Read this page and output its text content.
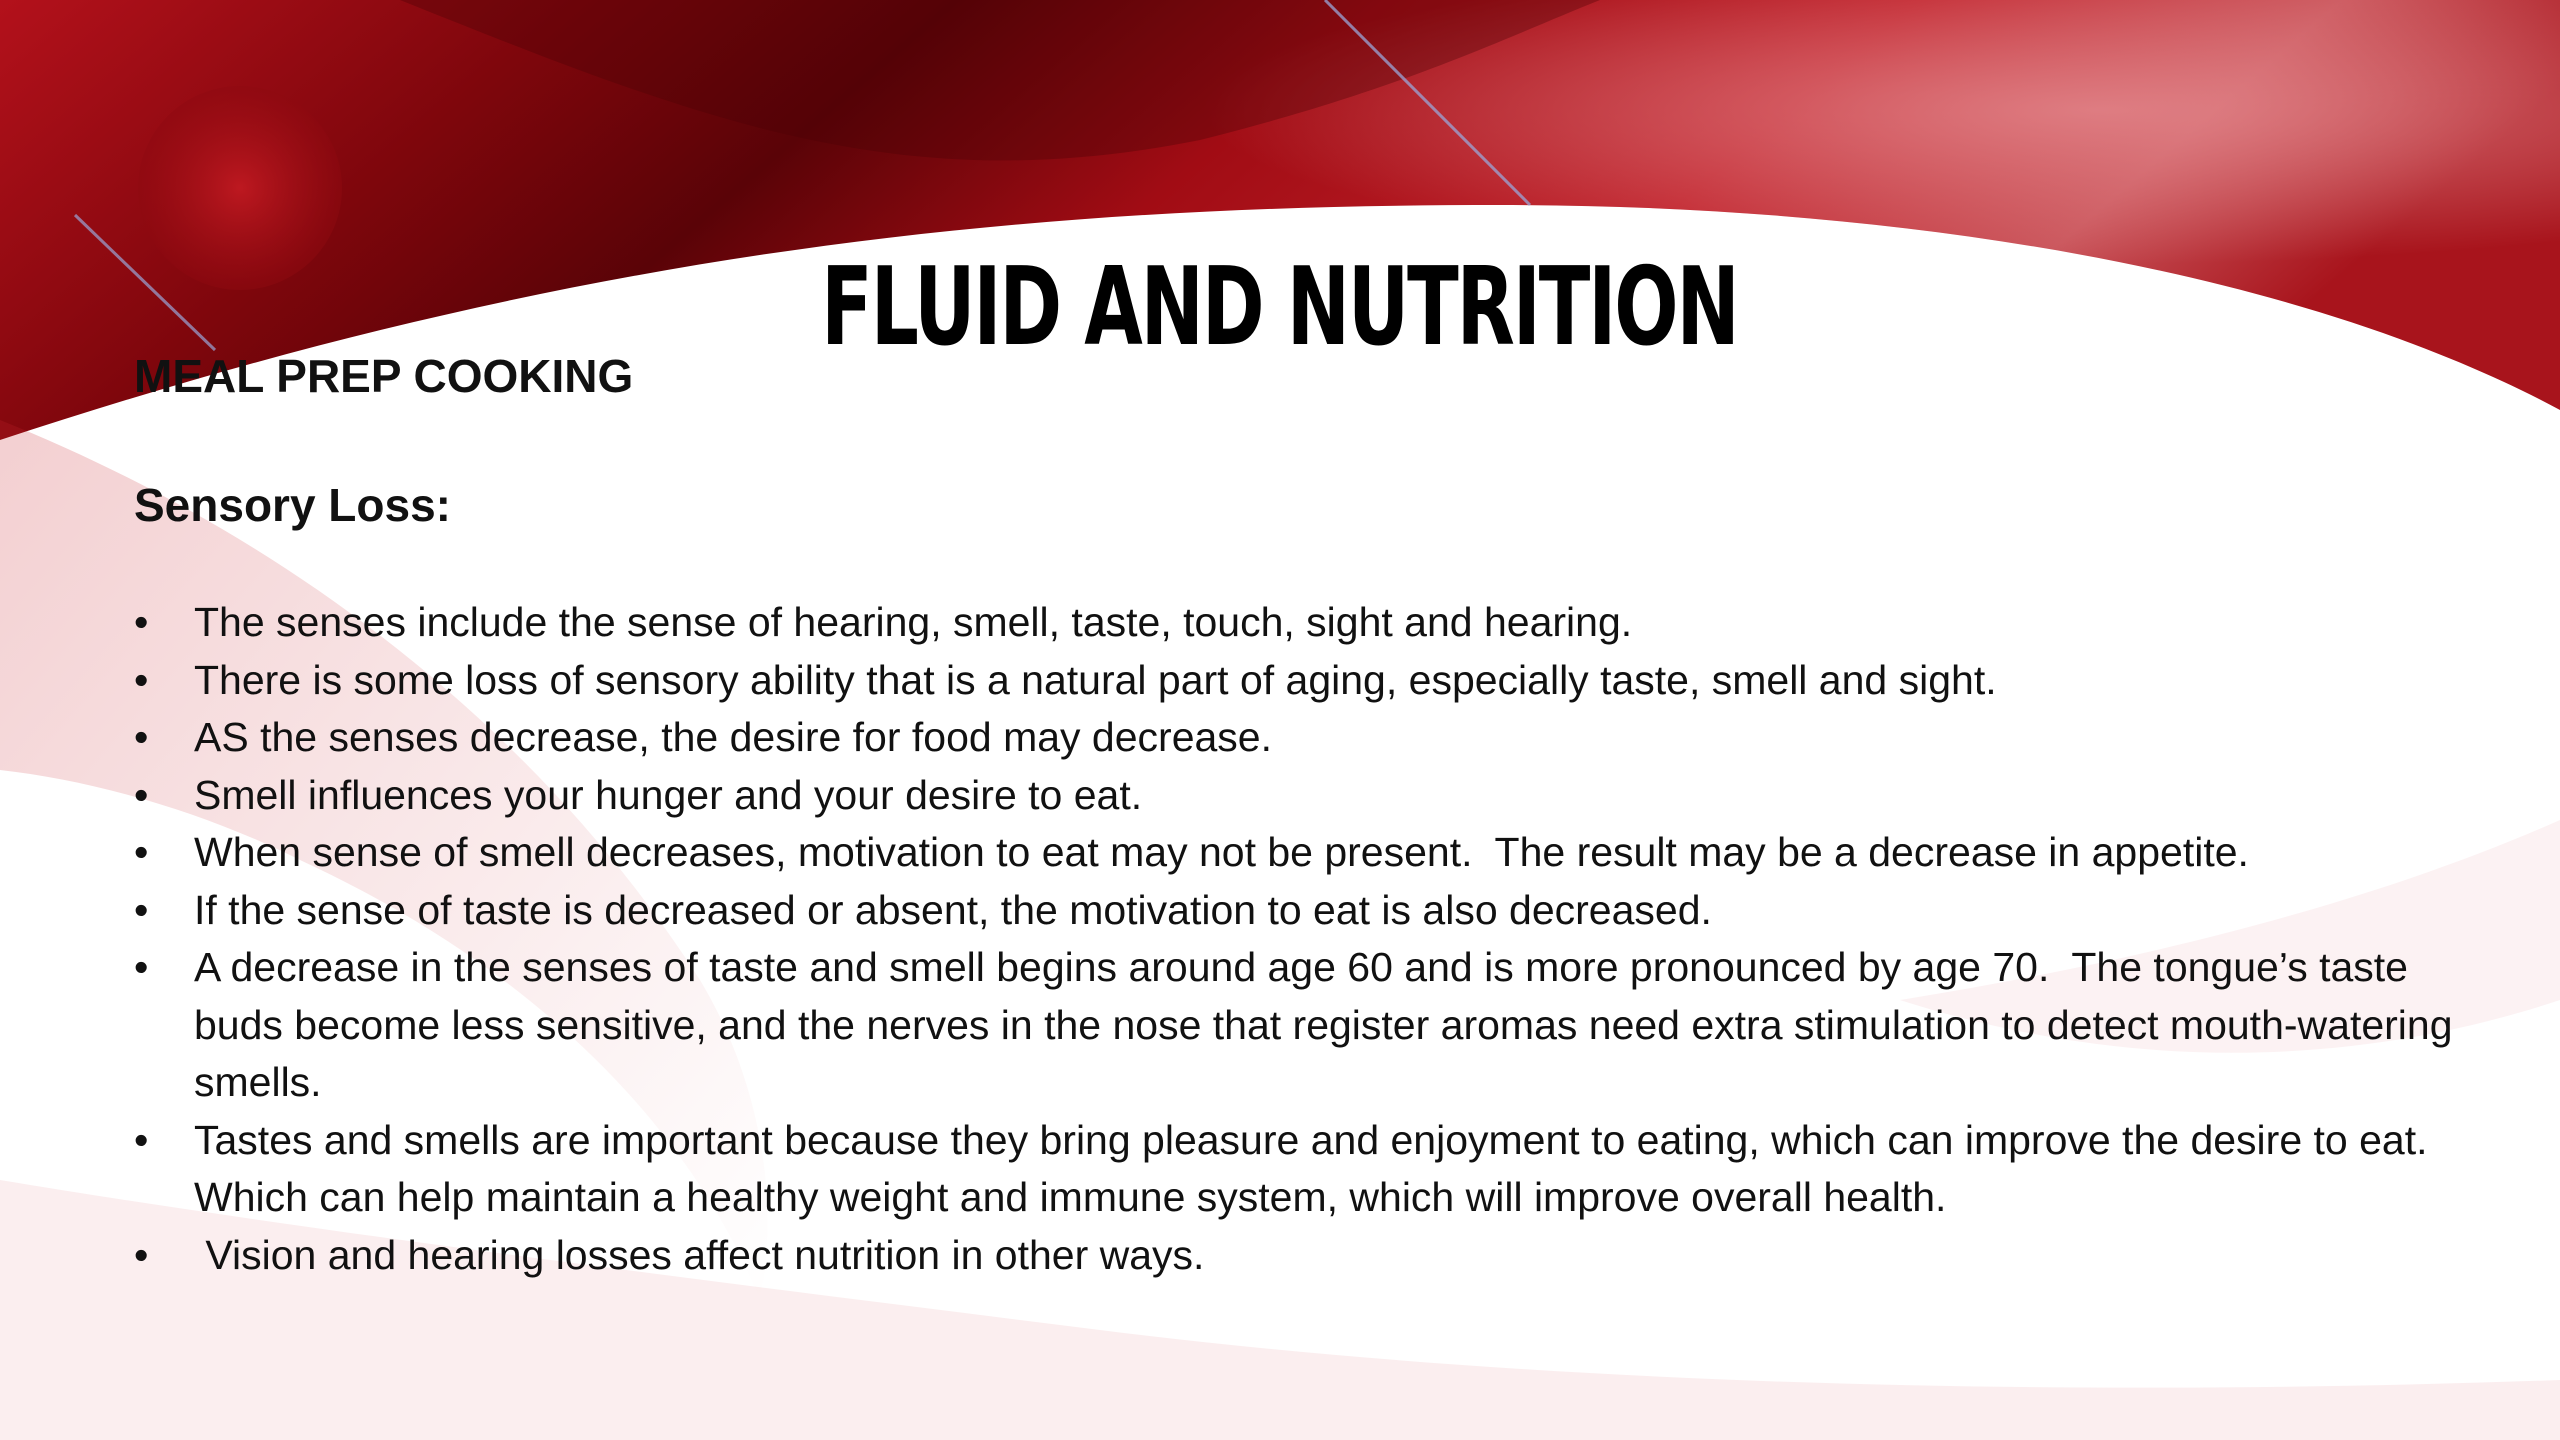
FLUID AND NUTRITION
MEAL PREP COOKING
Sensory Loss:
• The senses include the sense of hearing, smell, taste, touch, sight and hearing.
• There is some loss of sensory ability that is a natural part of aging, especially taste, smell and sight.
• AS the senses decrease, the desire for food may decrease.
• Smell influences your hunger and your desire to eat.
• When sense of smell decreases, motivation to eat may not be present.  The result may be a decrease in appetite.
• If the sense of taste is decreased or absent, the motivation to eat is also decreased.
• A decrease in the senses of taste and smell begins around age 60 and is more pronounced by age 70.  The tongue’s taste buds become less sensitive, and the nerves in the nose that register aromas need extra stimulation to detect mouth-watering smells.
• Tastes and smells are important because they bring pleasure and enjoyment to eating, which can improve the desire to eat. Which can help maintain a healthy weight and immune system, which will improve overall health.
• Vision and hearing losses affect nutrition in other ways.
